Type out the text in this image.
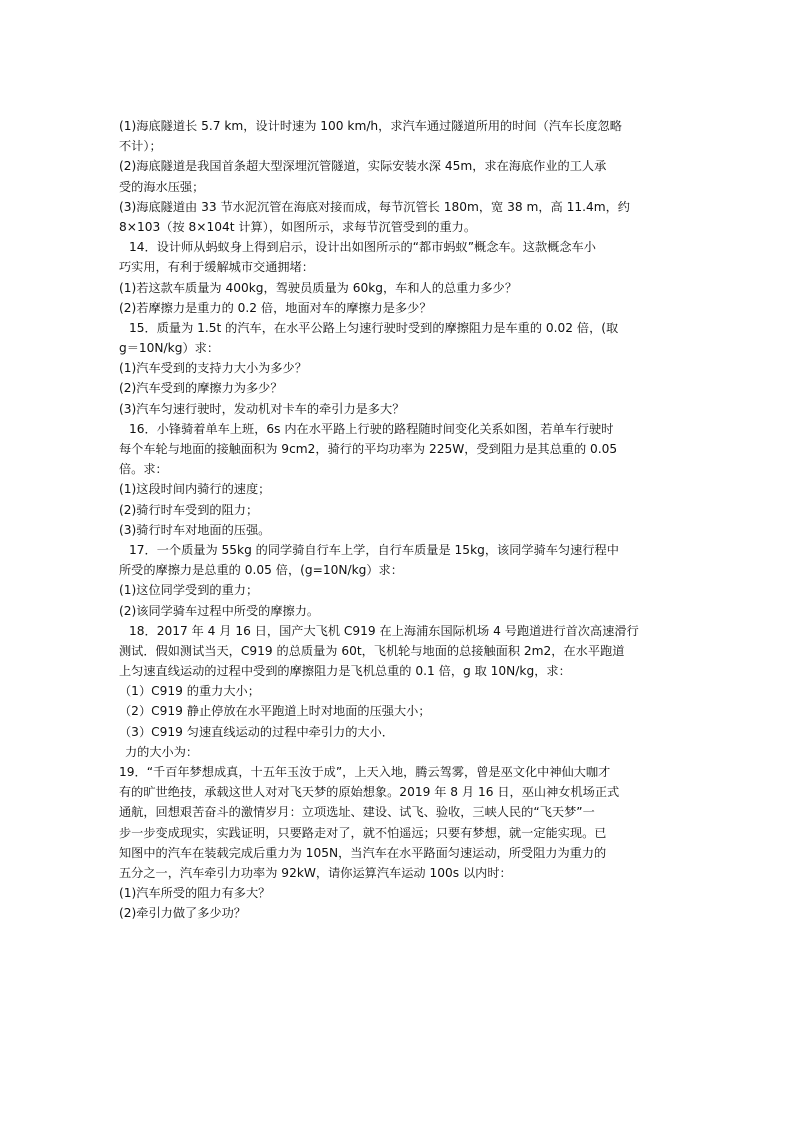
(1)海底隧道长 5.7 km，设计时速为 100 km/h，求汽车通过隧道所用的时间（汽车长度忽略
不计）；
(2)海底隧道是我国首条超大型深埋沉管隧道，实际安装水深 45m，求在海底作业的工人承
受的海水压强；
(3)海底隧道由 33 节水泥沉管在海底对接而成，每节沉管长 180m，宽 38 m，高 11.4m，约
8×103（按 8×104t 计算），如图所示，求每节沉管受到的重力。
14．设计师从蚂蚁身上得到启示，设计出如图所示的“都市蚂蚁”概念车。这款概念车小
巧实用，有利于缓解城市交通拥堵：
(1)若这款车质量为 400kg，驾驶员质量为 60kg，车和人的总重力多少？
(2)若摩擦力是重力的 0.2 倍，地面对车的摩擦力是多少？
15．质量为 1.5t 的汽车，在水平公路上匀速行驶时受到的摩擦阻力是车重的 0.02 倍，(取
g＝10N/kg）求：
(1)汽车受到的支持力大小为多少？
(2)汽车受到的摩擦力为多少？
(3)汽车匀速行驶时，发动机对卡车的牵引力是多大？
16．小锋骑着单车上班，6s 内在水平路上行驶的路程随时间变化关系如图，若单车行驶时
每个车轮与地面的接触面积为 9cm2，骑行的平均功率为 225W，受到阻力是其总重的 0.05
倍。求：
(1)这段时间内骑行的速度；
(2)骑行时车受到的阻力；
(3)骑行时车对地面的压强。
17．一个质量为 55kg 的同学骑自行车上学，自行车质量是 15kg，该同学骑车匀速行程中
所受的摩擦力是总重的 0.05 倍，(g=10N/kg）求：
(1)这位同学受到的重力；
(2)该同学骑车过程中所受的摩擦力。
18．2017 年 4 月 16 日，国产大飞机 C919 在上海浦东国际机场 4 号跑道进行首次高速滑行
测试．假如测试当天，C919 的总质量为 60t，飞机轮与地面的总接触面积 2m2，在水平跑道
上匀速直线运动的过程中受到的摩擦阻力是飞机总重的 0.1 倍，g 取 10N/kg，求：
（1）C919 的重力大小；
（2）C919 静止停放在水平跑道上时对地面的压强大小；
（3）C919 匀速直线运动的过程中牵引力的大小．
力的大小为：
19．“千百年梦想成真，十五年玉汝于成”，上天入地，腾云驾雾，曾是巫文化中神仙大咖才
有的旷世绝技，承载这世人对对飞天梦的原始想象。2019 年 8 月 16 日，巫山神女机场正式
通航，回想艰苦奋斗的激情岁月：立项选址、建设、试飞、验收，三峡人民的“飞天梦”一
步一步变成现实，实践证明，只要路走对了，就不怕遥远；只要有梦想，就一定能实现。已
知图中的汽车在装载完成后重力为 105N，当汽车在水平路面匀速运动，所受阻力为重力的
五分之一，汽车牵引力功率为 92kW，请你运算汽车运动 100s 以内时：
(1)汽车所受的阻力有多大？
(2)牵引力做了多少功？
